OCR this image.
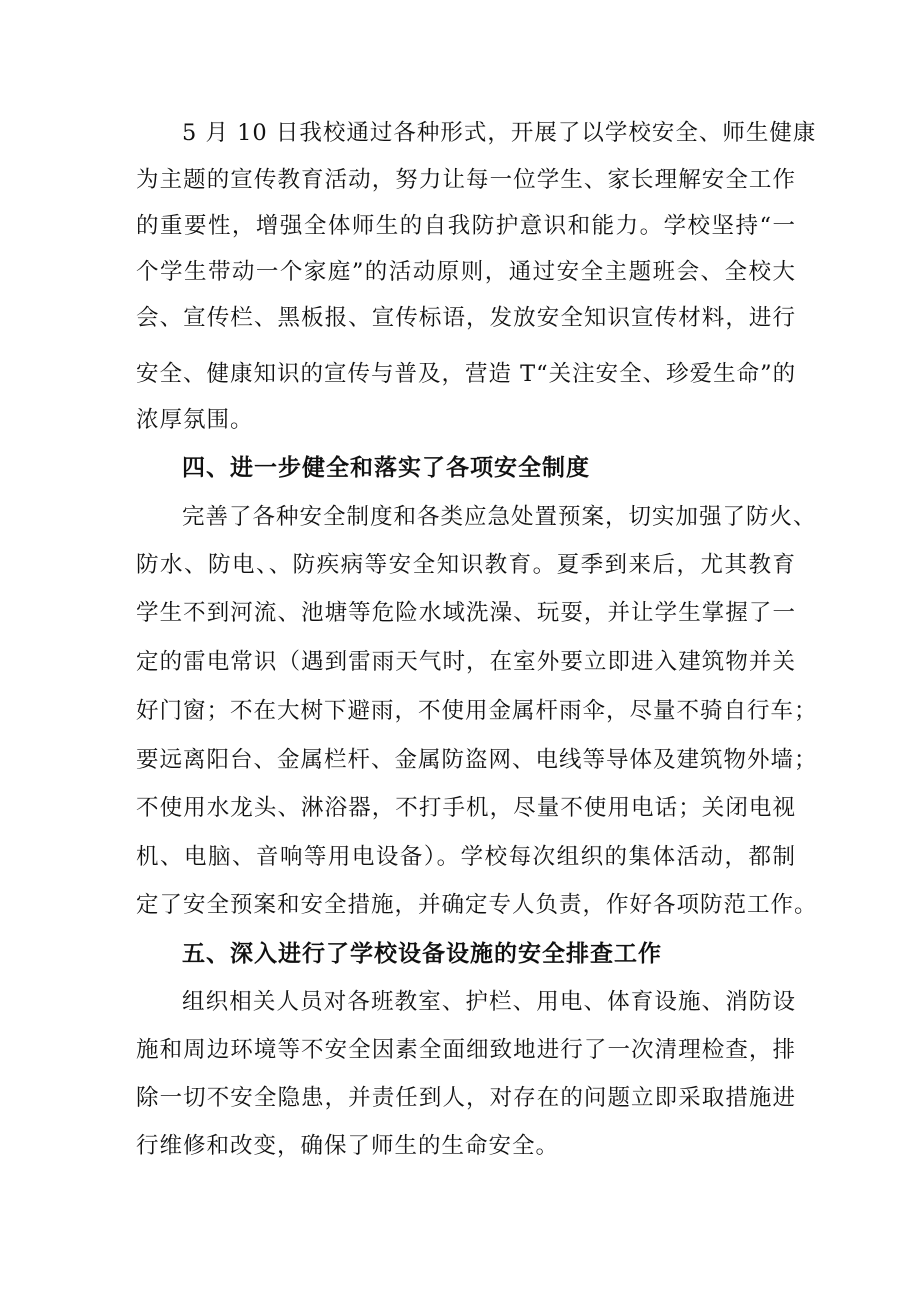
5 月 10 日我校通过各种形式，开展了以学校安全、师生健康
为主题的宣传教育活动，努力让每一位学生、家长理解安全工作
的重要性，增强全体师生的自我防护意识和能力。学校坚持“一
个学生带动一个家庭”的活动原则，通过安全主题班会、全校大
会、宣传栏、黑板报、宣传标语，发放安全知识宣传材料，进行
安全、健康知识的宣传与普及，营造 T“关注安全、珍爱生命”的
浓厚氛围。
四、进一步健全和落实了各项安全制度
完善了各种安全制度和各类应急处置预案，切实加强了防火、
防水、防电、、防疾病等安全知识教育。夏季到来后，尤其教育
学生不到河流、池塘等危险水域洗澡、玩耍，并让学生掌握了一
定的雷电常识（遇到雷雨天气时，在室外要立即进入建筑物并关
好门窗；不在大树下避雨，不使用金属杆雨伞，尽量不骑自行车；
要远离阳台、金属栏杆、金属防盗网、电线等导体及建筑物外墙；
不使用水龙头、淋浴器，不打手机，尽量不使用电话；关闭电视
机、电脑、音响等用电设备）。学校每次组织的集体活动，都制
定了安全预案和安全措施，并确定专人负责，作好各项防范工作。
五、深入进行了学校设备设施的安全排查工作
组织相关人员对各班教室、护栏、用电、体育设施、消防设
施和周边环境等不安全因素全面细致地进行了一次清理检查，排
除一切不安全隐患，并责任到人，对存在的问题立即采取措施进
行维修和改变，确保了师生的生命安全。
